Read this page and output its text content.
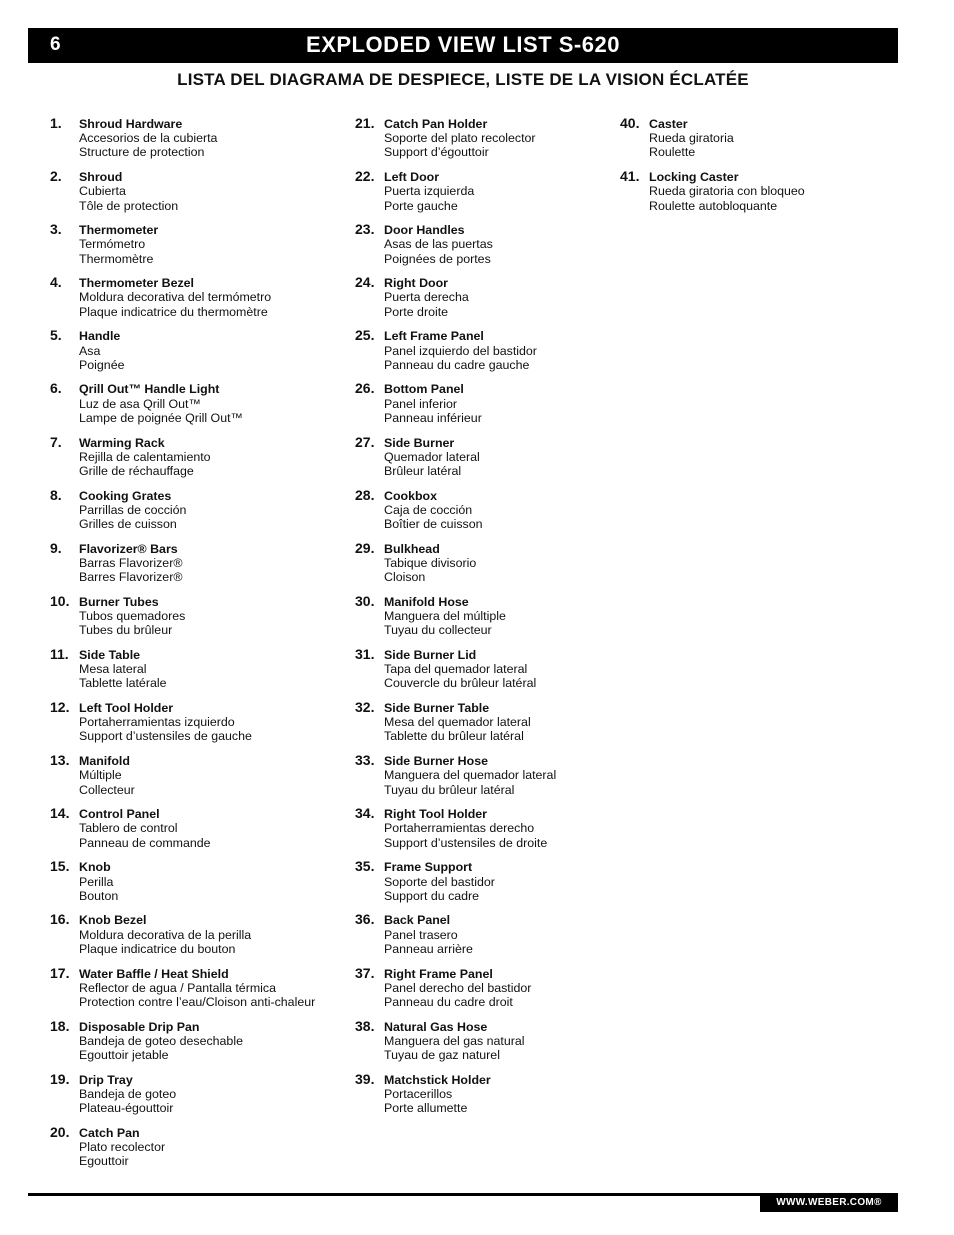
6	EXPLODED VIEW LIST S-620
LISTA DEL DIAGRAMA DE DESPIECE, LISTE DE LA VISION ÉCLATÉE
1. Shroud Hardware
Accesorios de la cubierta
Structure de protection
2. Shroud
Cubierta
Tôle de protection
3. Thermometer
Termómetro
Thermomètre
4. Thermometer Bezel
Moldura decorativa del termómetro
Plaque indicatrice du thermomètre
5. Handle
Asa
Poignée
6. Qrill Out™ Handle Light
Luz de asa Qrill Out™
Lampe de poignée Qrill Out™
7. Warming Rack
Rejilla de calentamiento
Grille de réchauffage
8. Cooking Grates
Parrillas de cocción
Grilles de cuisson
9. Flavorizer® Bars
Barras Flavorizer®
Barres Flavorizer®
10. Burner Tubes
Tubos quemadores
Tubes du brûleur
11. Side Table
Mesa lateral
Tablette latérale
12. Left Tool Holder
Portaherramientas izquierdo
Support d’ustensiles de gauche
13. Manifold
Múltiple
Collecteur
14. Control Panel
Tablero de control
Panneau de commande
15. Knob
Perilla
Bouton
16. Knob Bezel
Moldura decorativa de la perilla
Plaque indicatrice du bouton
17. Water Baffle / Heat Shield
Reflector de agua / Pantalla térmica
Protection contre l’eau/Cloison anti-chaleur
18. Disposable Drip Pan
Bandeja de goteo desechable
Egouttoir jetable
19. Drip Tray
Bandeja de goteo
Plateau-égouttoir
20. Catch Pan
Plato recolector
Egouttoir
21. Catch Pan Holder
Soporte del plato recolector
Support d’égouttoir
22. Left Door
Puerta izquierda
Porte gauche
23. Door Handles
Asas de las puertas
Poignées de portes
24. Right Door
Puerta derecha
Porte droite
25. Left Frame Panel
Panel izquierdo del bastidor
Panneau du cadre gauche
26. Bottom Panel
Panel inferior
Panneau inférieur
27. Side Burner
Quemador lateral
Brûleur latéral
28. Cookbox
Caja de cocción
Boîtier de cuisson
29. Bulkhead
Tabique divisorio
Cloison
30. Manifold Hose
Manguera del múltiple
Tuyau du collecteur
31. Side Burner Lid
Tapa del quemador lateral
Couvercle du brûleur latéral
32. Side Burner Table
Mesa del quemador lateral
Tablette du brûleur latéral
33. Side Burner Hose
Manguera del quemador lateral
Tuyau du brûleur latéral
34. Right Tool Holder
Portaherramientas derecho
Support d’ustensiles de droite
35. Frame Support
Soporte del bastidor
Support du cadre
36. Back Panel
Panel trasero
Panneau arrière
37. Right Frame Panel
Panel derecho del bastidor
Panneau du cadre droit
38. Natural Gas Hose
Manguera del gas natural
Tuyau de gaz naturel
39. Matchstick Holder
Portacerillos
Porte allumette
40. Caster
Rueda giratoria
Roulette
41. Locking Caster
Rueda giratoria con bloqueo
Roulette autobloquante
WWW.WEBER.COM®
